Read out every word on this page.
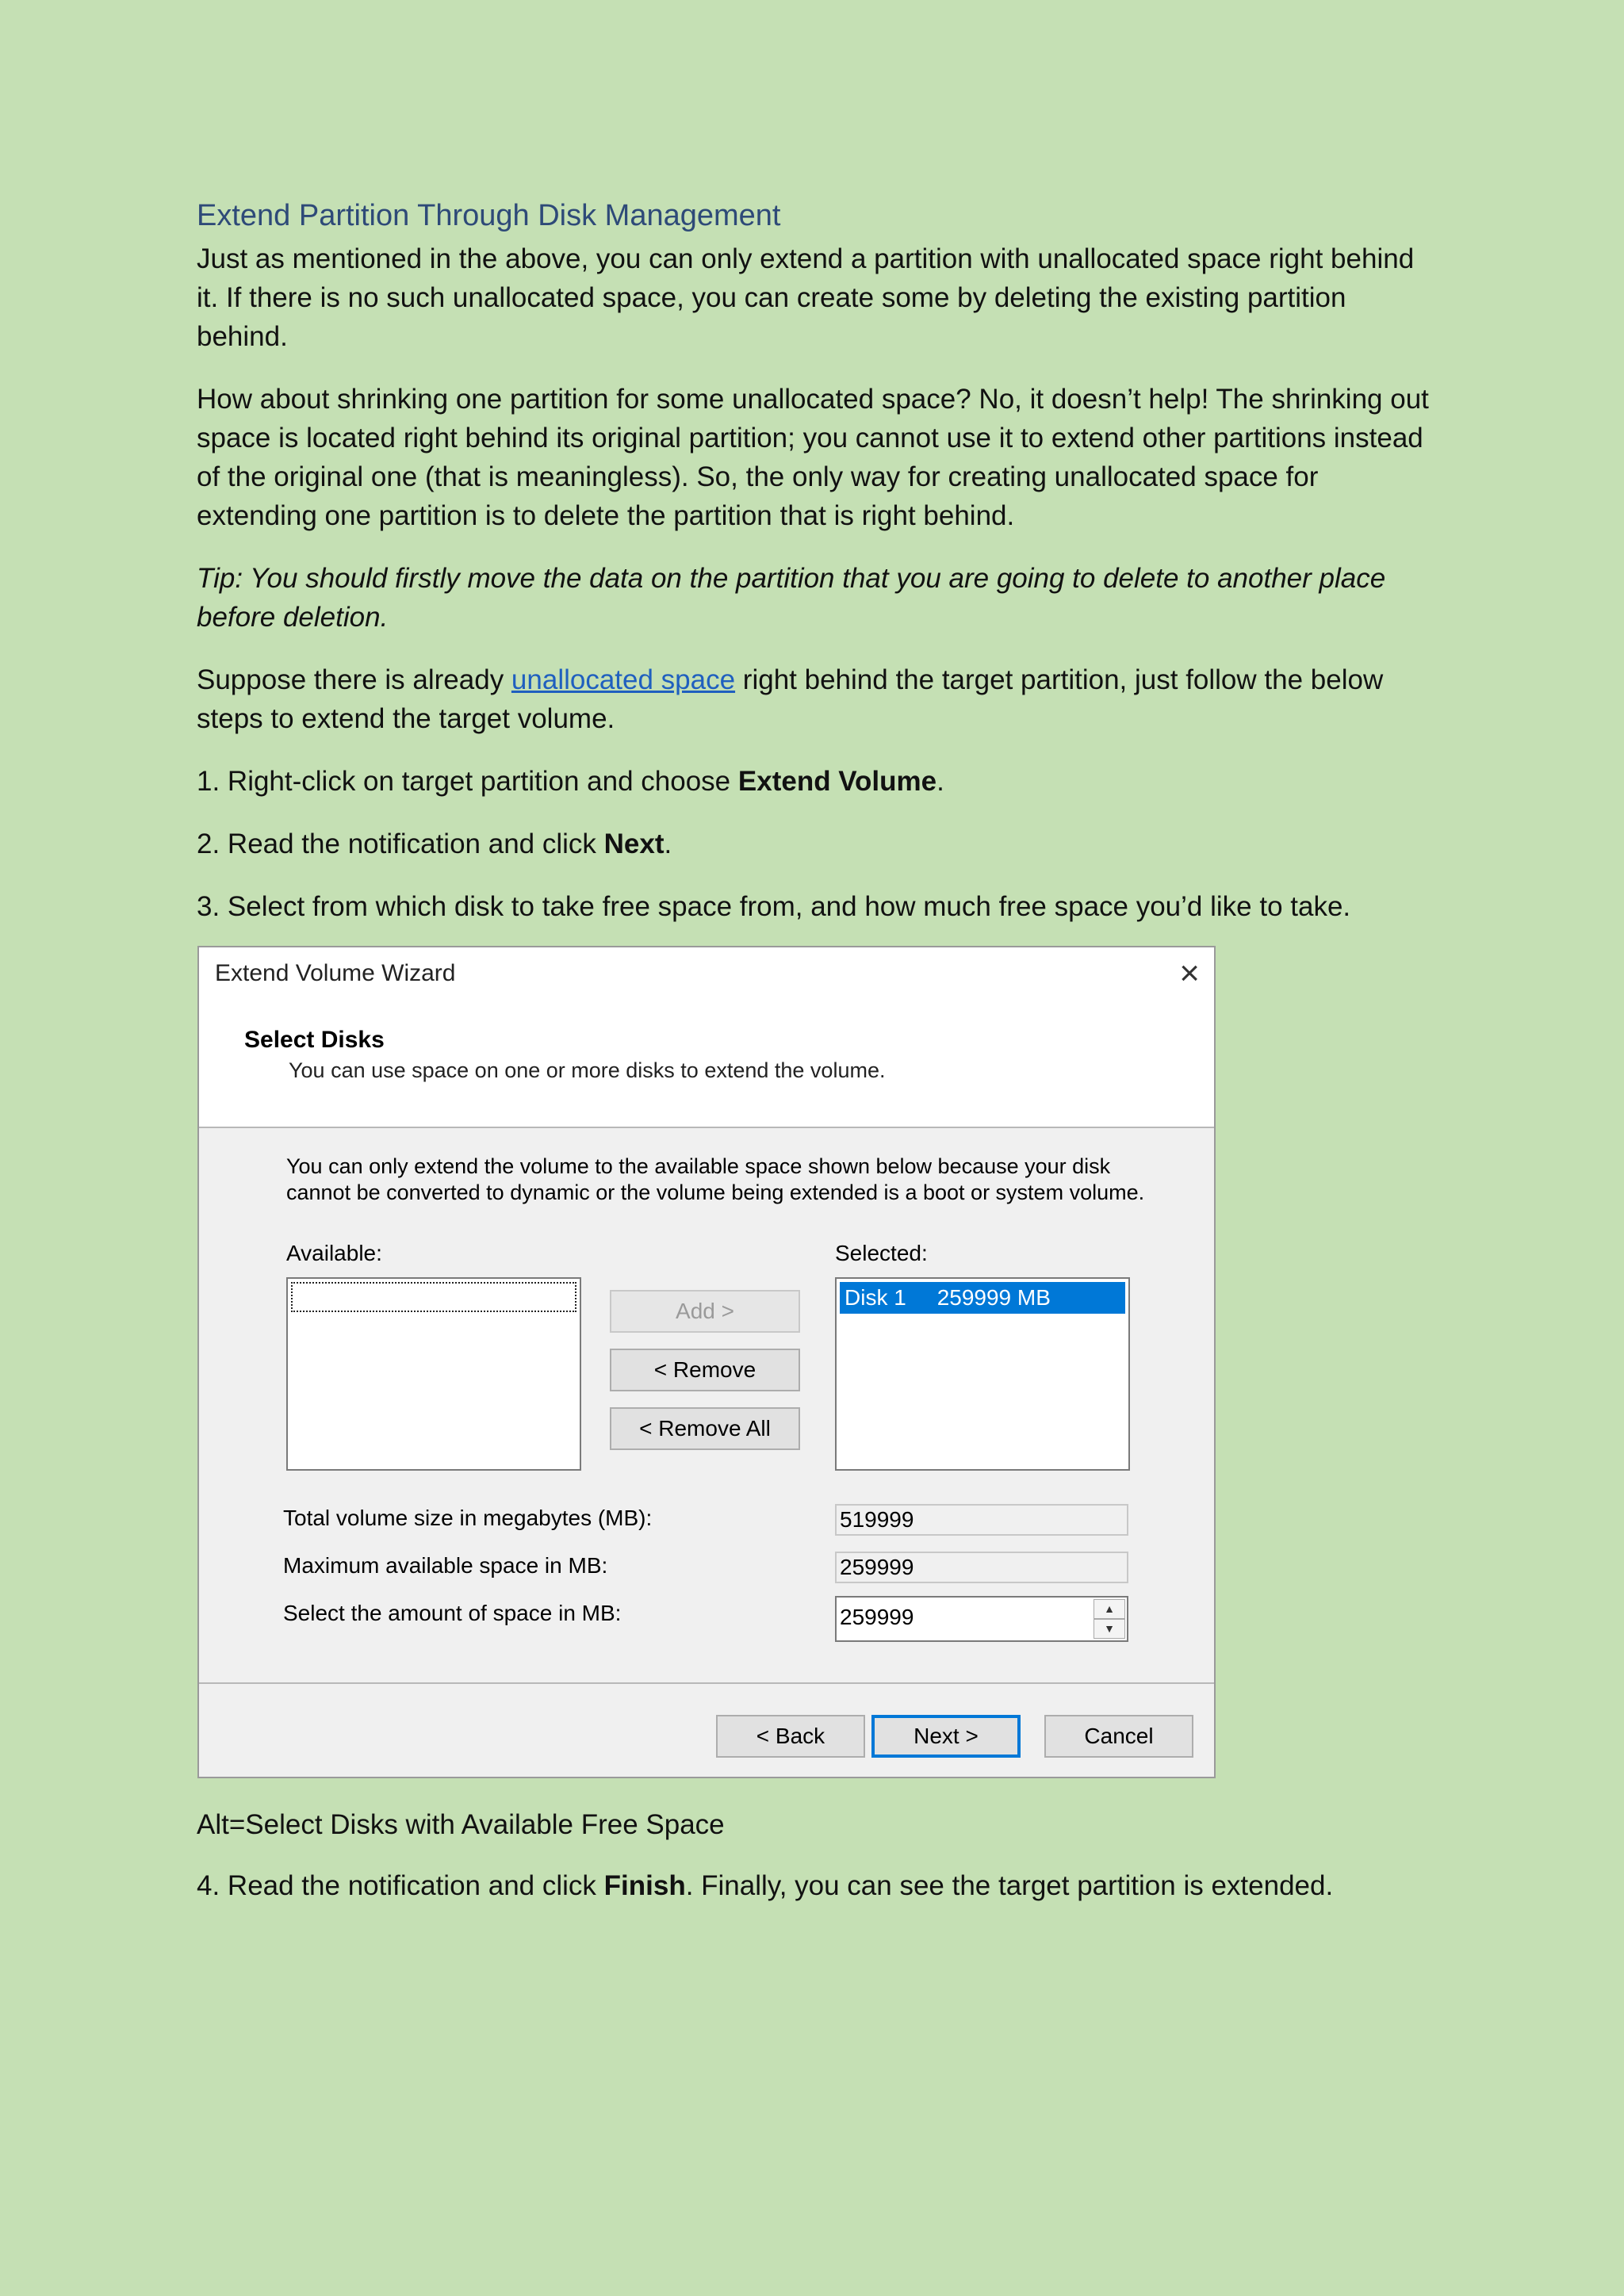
Extend Partition Through Disk Management

Just as mentioned in the above, you can only extend a partition with unallocated space right behind it. If there is no such unallocated space, you can create some by deleting the existing partition behind.

How about shrinking one partition for some unallocated space? No, it doesn’t help! The shrinking out space is located right behind its original partition; you cannot use it to extend other partitions instead of the original one (that is meaningless). So, the only way for creating unallocated space for extending one partition is to delete the partition that is right behind.

Tip: You should firstly move the data on the partition that you are going to delete to another place before deletion.

Suppose there is already unallocated space right behind the target partition, just follow the below steps to extend the target volume.

1. Right-click on target partition and choose Extend Volume.

2. Read the notification and click Next.

3. Select from which disk to take free space from, and how much free space you’d like to take.

Extend Volume Wizard	×
Select Disks
You can use space on one or more disks to extend the volume.
You can only extend the volume to the available space shown below because your disk cannot be converted to dynamic or the volume being extended is a boot or system volume.
Available:	Selected:
Add >
< Remove
< Remove All
Disk 1     259999 MB
Total volume size in megabytes (MB):	519999
Maximum available space in MB:	259999
Select the amount of space in MB:	259999	▲
▼
< Back	Next >	Cancel
Alt=Select Disks with Available Free Space
4. Read the notification and click Finish. Finally, you can see the target partition is extended.
